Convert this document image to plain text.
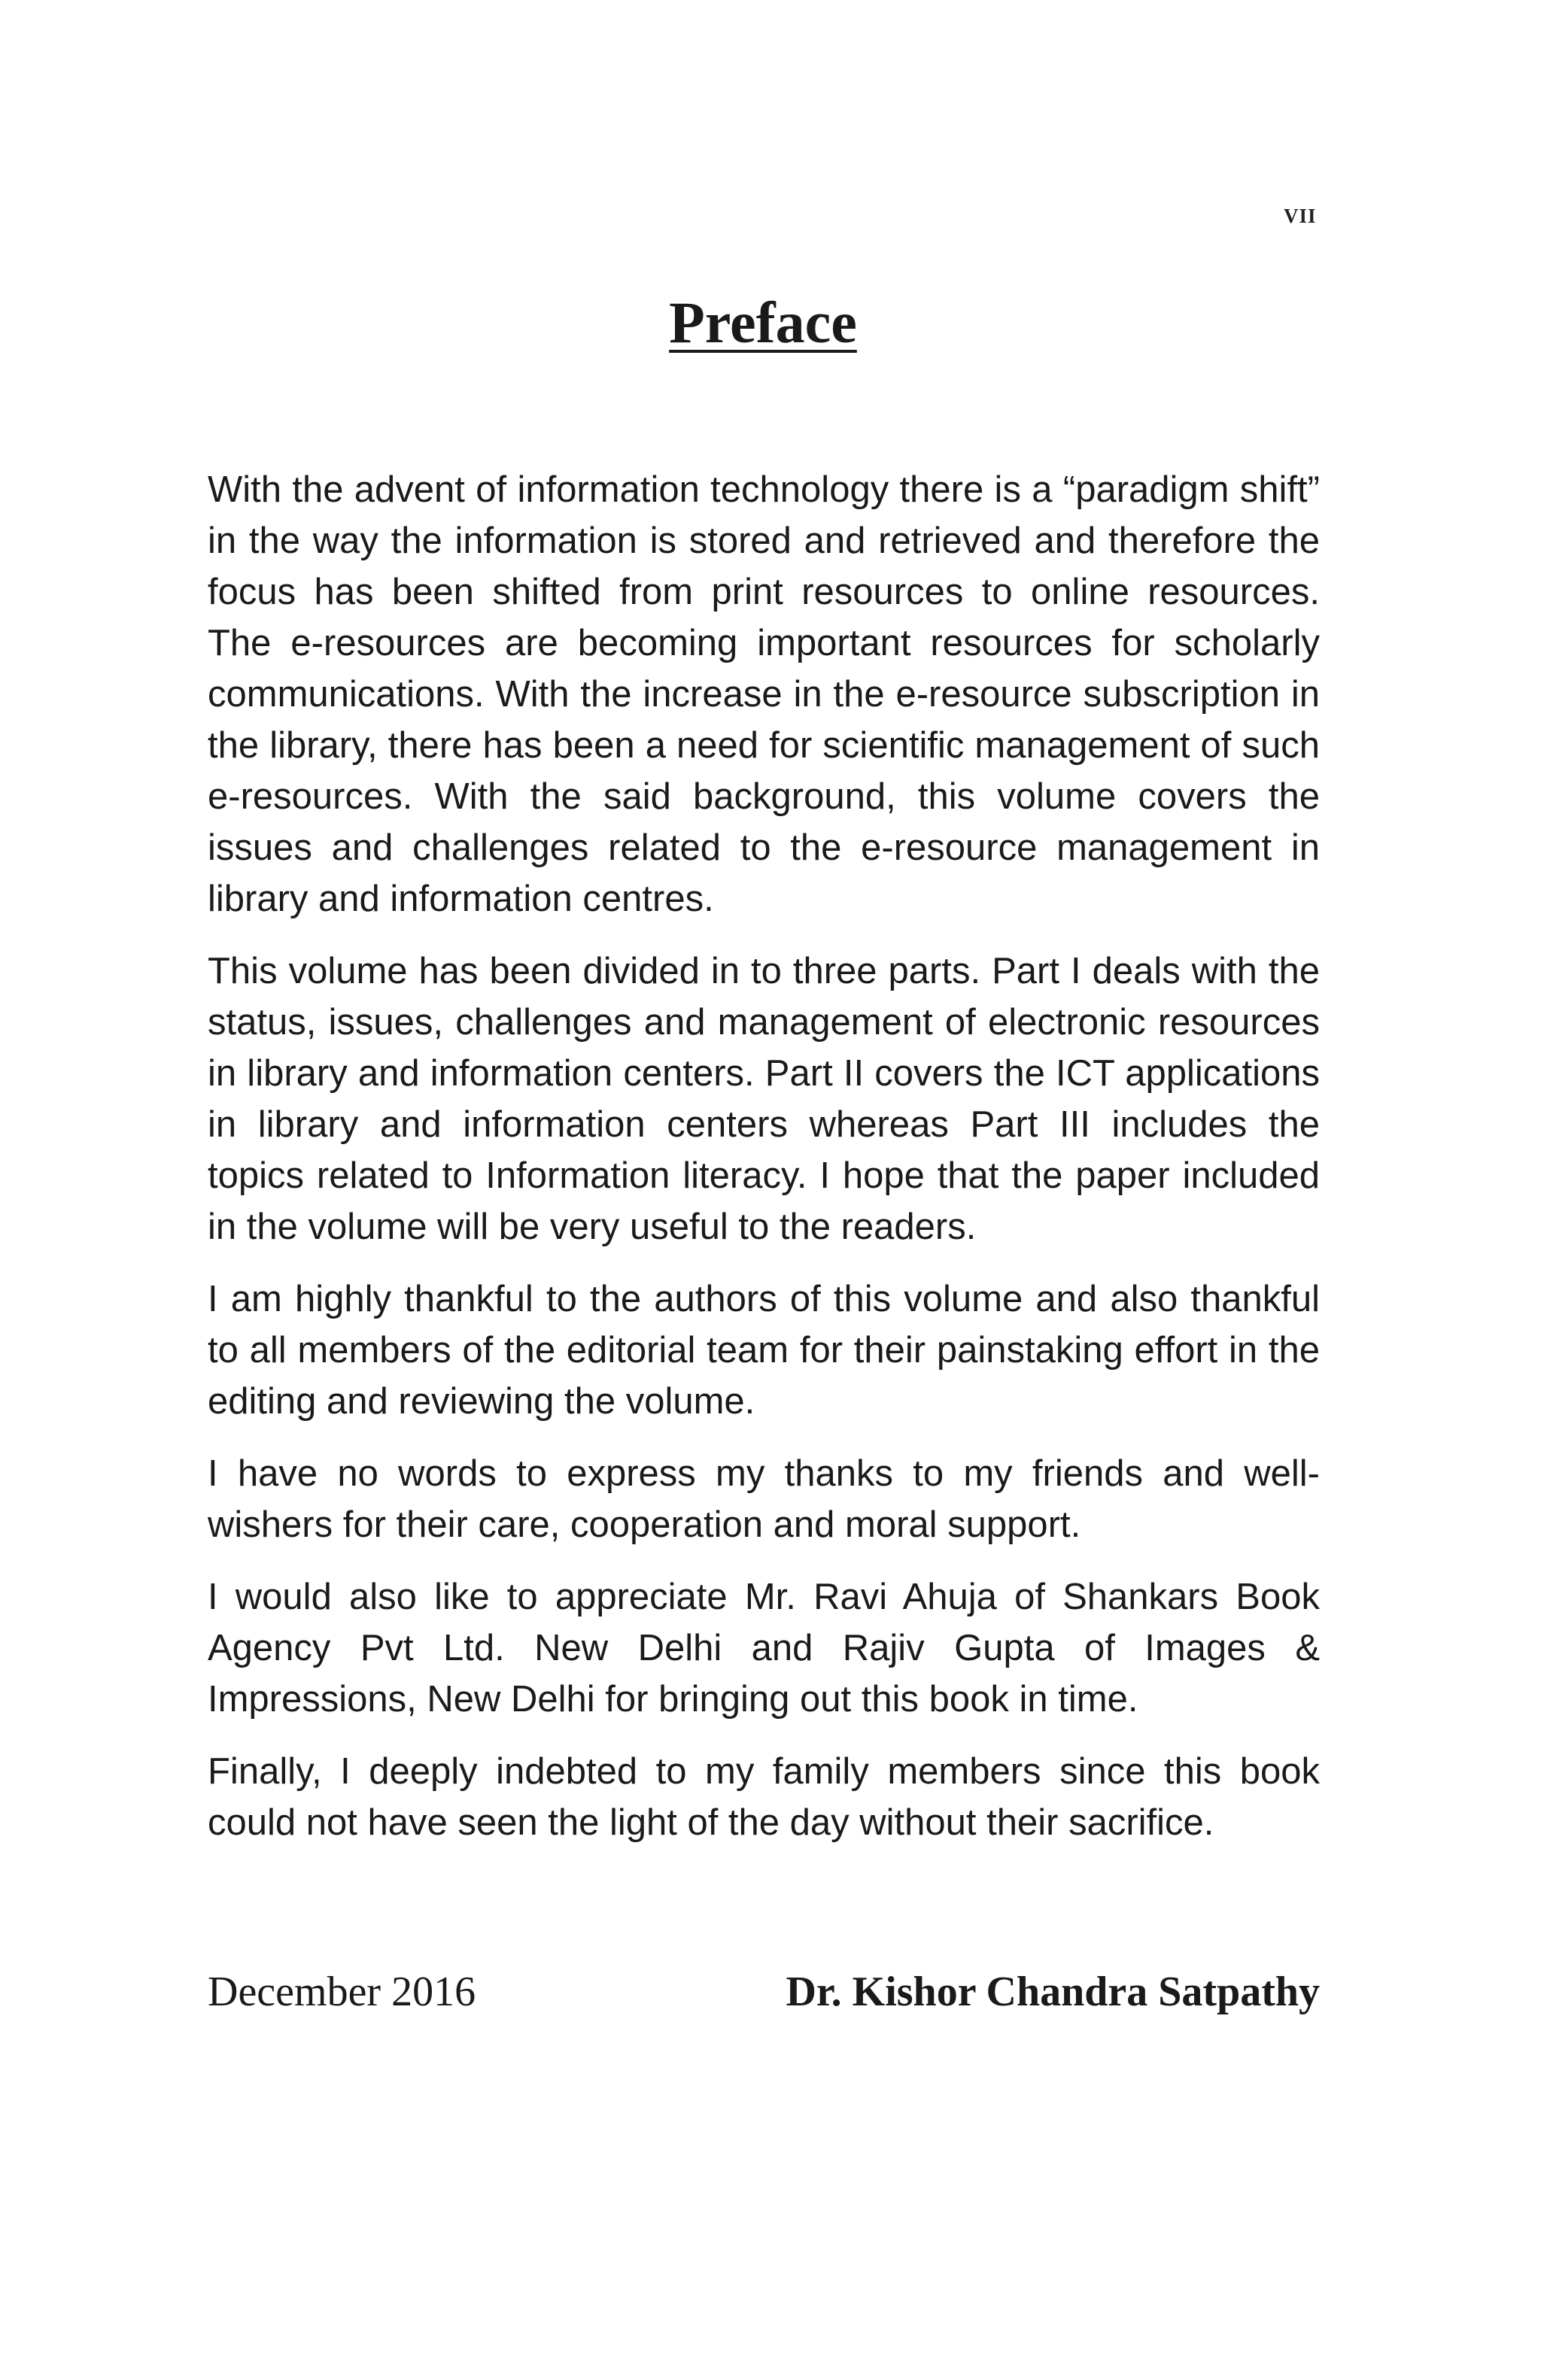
VII
Preface

With the advent of information technology there is a “paradigm shift” in the way the information is stored and retrieved and therefore the focus has been shifted from print resources to online resources. The e-resources are becoming important resources for scholarly communications. With the increase in the e-resource subscription in the library, there has been a need for scientific management of such e-resources. With the said background, this volume covers the issues and challenges related to the e-resource management in library and information centres.

This volume has been divided in to three parts. Part I deals with the status, issues, challenges and management of electronic resources in library and information centers. Part II covers the ICT applications in library and information centers whereas Part III includes the topics related to Information literacy. I hope that the paper included in the volume will be very useful to the readers.

I am highly thankful to the authors of this volume and also thankful to all members of the editorial team for their painstaking effort in the editing and reviewing the volume.

I have no words to express my thanks to my friends and well-wishers for their care, cooperation and moral support.

I would also like to appreciate Mr. Ravi Ahuja of Shankars Book Agency Pvt Ltd. New Delhi and Rajiv Gupta of Images & Impressions, New Delhi for bringing out this book in time.

Finally, I deeply indebted to my family members since this book could not have seen the light of the day without their sacrifice.

December 2016	Dr. Kishor Chandra Satpathy
